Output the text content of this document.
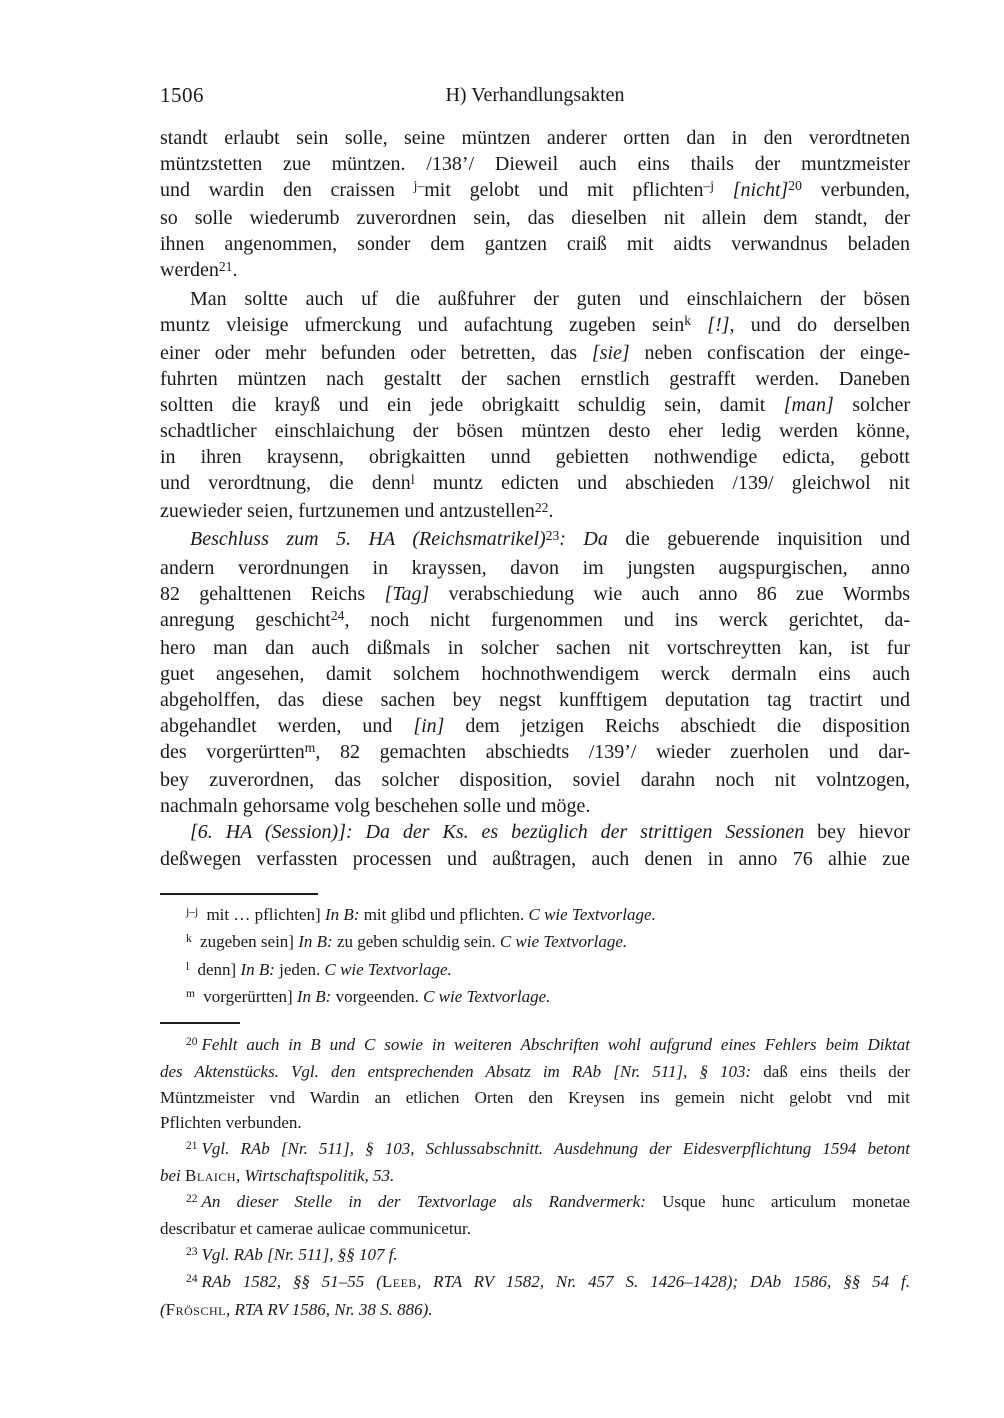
1506	H) Verhandlungsakten
standt erlaubt sein solle, seine müntzen anderer ortten dan in den verordtneten
müntzstetten zue müntzen. /138’/ Dieweil auch eins thails der muntzmeister
und wardin den craissen $^{j-}$mit gelobt und mit pflichten$^{-j}$ [nicht]$^{20}$ verbunden,
so solle wiederumb zuverordnen sein, das dieselben nit allein dem standt, der
ihnen angenommen, sonder dem gantzen craiß mit aidts verwandnus beladen
werden$^{21}$.
Man soltte auch uf die außfuhrer der guten und einschlaichern der bösen
muntz vleisige ufmerckung und aufachtung zugeben sein$^k$ [!], und do derselben
einer oder mehr befunden oder betretten, das [sie] neben confiscation der einge-
fuhrten müntzen nach gestaltt der sachen ernstlich gestrafft werden. Daneben
soltten die krayß und ein jede obrigkaitt schuldig sein, damit [man] solcher
schadtlicher einschlaichung der bösen müntzen desto eher ledig werden könne,
in ihren kraysenn, obrigkaitten unnd gebietten nothwendige edicta, gebott
und verordtnung, die denn$^l$ muntz edicten und abschieden /139/ gleichwol nit
zuewieder seien, furtzunemen und antzustellen$^{22}$.
Beschluss zum 5. HA (Reichsmatrikel)$^{23}$: Da die gebuerende inquisition und
andern verordnungen in krayssen, davon im jungsten augspurgischen, anno
82 gehalttenen Reichs [Tag] verabschiedung wie auch anno 86 zue Wormbs
anregung geschicht$^{24}$, noch nicht furgenommen und ins werck gerichtet, da-
hero man dan auch dißmals in solcher sachen nit vortschreytten kan, ist fur
guet angesehen, damit solchem hochnothwendigem werck dermaln eins auch
abgeholffen, das diese sachen bey negst kunfftigem deputation tag tractirt und
abgehandlet werden, und [in] dem jetzigen Reichs abschiedt die disposition
des vorgerürtten$^m$, 82 gemachten abschiedts /139’/ wieder zuerholen und dar-
bey zuverordnen, das solcher disposition, soviel darahn noch nit volntzogen,
nachmaln gehorsame volg beschehen solle und möge.
[6. HA (Session)]: Da der Ks. es bezüglich der strittigen Sessionen bey hievor
deßwegen verfassten processen und außtragen, auch denen in anno 76 alhie zue
$^{j-j}$ mit … pflichten] In B: mit glibd und pflichten. C wie Textvorlage.
$^k$ zugeben sein] In B: zu geben schuldig sein. C wie Textvorlage.
$^l$ denn] In B: jeden. C wie Textvorlage.
$^m$ vorgerürtten] In B: vorgeenden. C wie Textvorlage.
$^{20}$ Fehlt auch in B und C sowie in weiteren Abschriften wohl aufgrund eines Fehlers beim Diktat
des Aktenstücks. Vgl. den entsprechenden Absatz im RAb [Nr. 511], § 103: daß eins theils der
Müntzmeister vnd Wardin an etlichen Orten den Kreysen ins gemein nicht gelobt vnd mit
Pflichten verbunden.
$^{21}$ Vgl. RAb [Nr. 511], § 103, Schlussabschnitt. Ausdehnung der Eidesverpflichtung 1594 betont
bei Blaich, Wirtschaftspolitik, 53.
$^{22}$ An dieser Stelle in der Textvorlage als Randvermerk: Usque hunc articulum monetae
describatur et camerae aulicae communicetur.
$^{23}$ Vgl. RAb [Nr. 511], §§ 107 f.
$^{24}$ RAb 1582, §§ 51–55 (Leeb, RTA RV 1582, Nr. 457 S. 1426–1428); DAb 1586, §§ 54 f.
(Fröschl, RTA RV 1586, Nr. 38 S. 886).
